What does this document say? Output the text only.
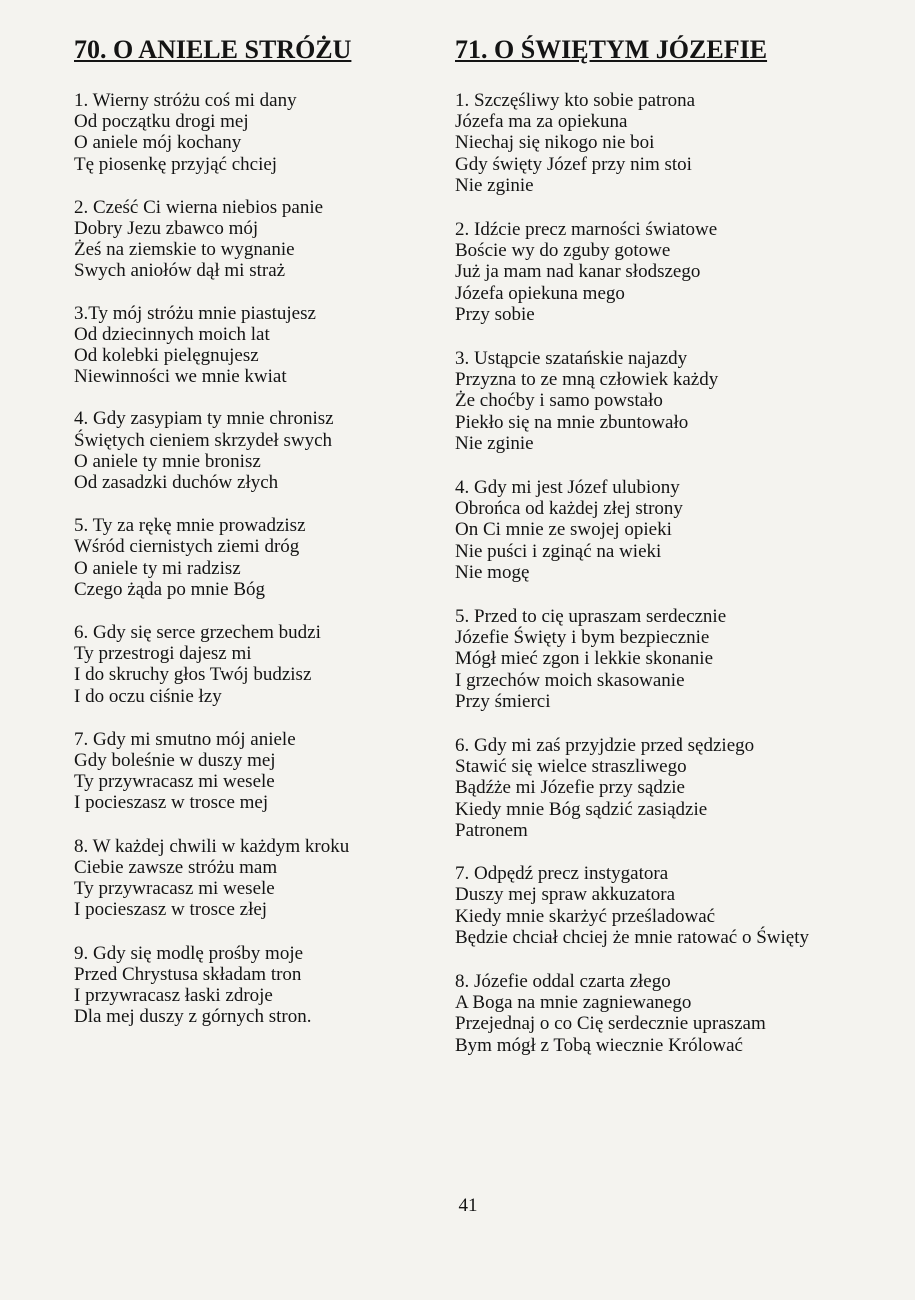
70. O ANIELE STRÓŻU
1. Wierny stróżu coś mi dany
Od początku drogi mej
O aniele mój kochany
Tę piosenkę przyjąć chciej
2. Cześć Ci wierna niebios panie
Dobry Jezu zbawco mój
Żeś na ziemskie to wygnanie
Swych aniołów dął mi straż
3.Ty mój stróżu mnie piastujesz
Od dziecinnych moich lat
Od kolebki pielęgnujesz
Niewinności we mnie kwiat
4. Gdy zasypiam ty mnie chronisz
Świętych cieniem skrzydeł swych
O aniele ty mnie bronisz
Od zasadzki duchów złych
5. Ty za rękę mnie prowadzisz
Wśród ciernistych ziemi dróg
O aniele ty mi radzisz
Czego żąda po mnie Bóg
6. Gdy się serce grzechem budzi
Ty przestrogi dajesz mi
I do skruchy głos Twój budzisz
I do oczu ciśnie łzy
7. Gdy mi smutno mój aniele
Gdy boleśnie w duszy mej
Ty przywracasz mi wesele
I pocieszasz w trosce mej
8. W każdej chwili w każdym kroku
Ciebie zawsze stróżu mam
Ty przywracasz mi wesele
I pocieszasz w trosce złej
9. Gdy się modlę prośby moje
Przed Chrystusa składam tron
I przywracasz łaski zdroje
Dla mej duszy z górnych stron.
71. O ŚWIĘTYM JÓZEFIE
1. Szczęśliwy kto sobie patrona
Józefa ma za opiekuna
Niechaj się nikogo nie boi
Gdy święty Józef przy nim stoi
Nie zginie
2. Idźcie precz marności światowe
Boście wy do zguby gotowe
Już ja mam nad kanar słodszego
Józefa opiekuna mego
Przy sobie
3. Ustąpcie szatańskie najazdy
Przyzna to ze mną człowiek każdy
Że choćby i samo powstało
Piekło się na mnie zbuntowało
Nie zginie
4. Gdy mi jest Józef ulubiony
Obrońca od każdej złej strony
On Ci mnie ze swojej opieki
Nie puści i zginąć na wieki
Nie mogę
5. Przed to cię upraszam serdecznie
Józefie Święty i bym bezpiecznie
Mógł mieć zgon i lekkie skonanie
I grzechów moich skasowanie
Przy śmierci
6. Gdy mi zaś przyjdzie przed sędziego
Stawić się wielce straszliwego
Bądźże mi Józefie przy sądzie
Kiedy mnie Bóg sądzić zasiądzie
Patronem
7. Odpędź precz instygatora
Duszy mej spraw akkuzatora
Kiedy mnie skarżyć prześladować
Będzie chciał chciej że mnie ratować o Święty
8. Józefie oddal czarta złego
A Boga na mnie zagniewanego
Przejednaj o co Cię serdecznie upraszam
Bym mógł z Tobą wiecznie Królować
41
